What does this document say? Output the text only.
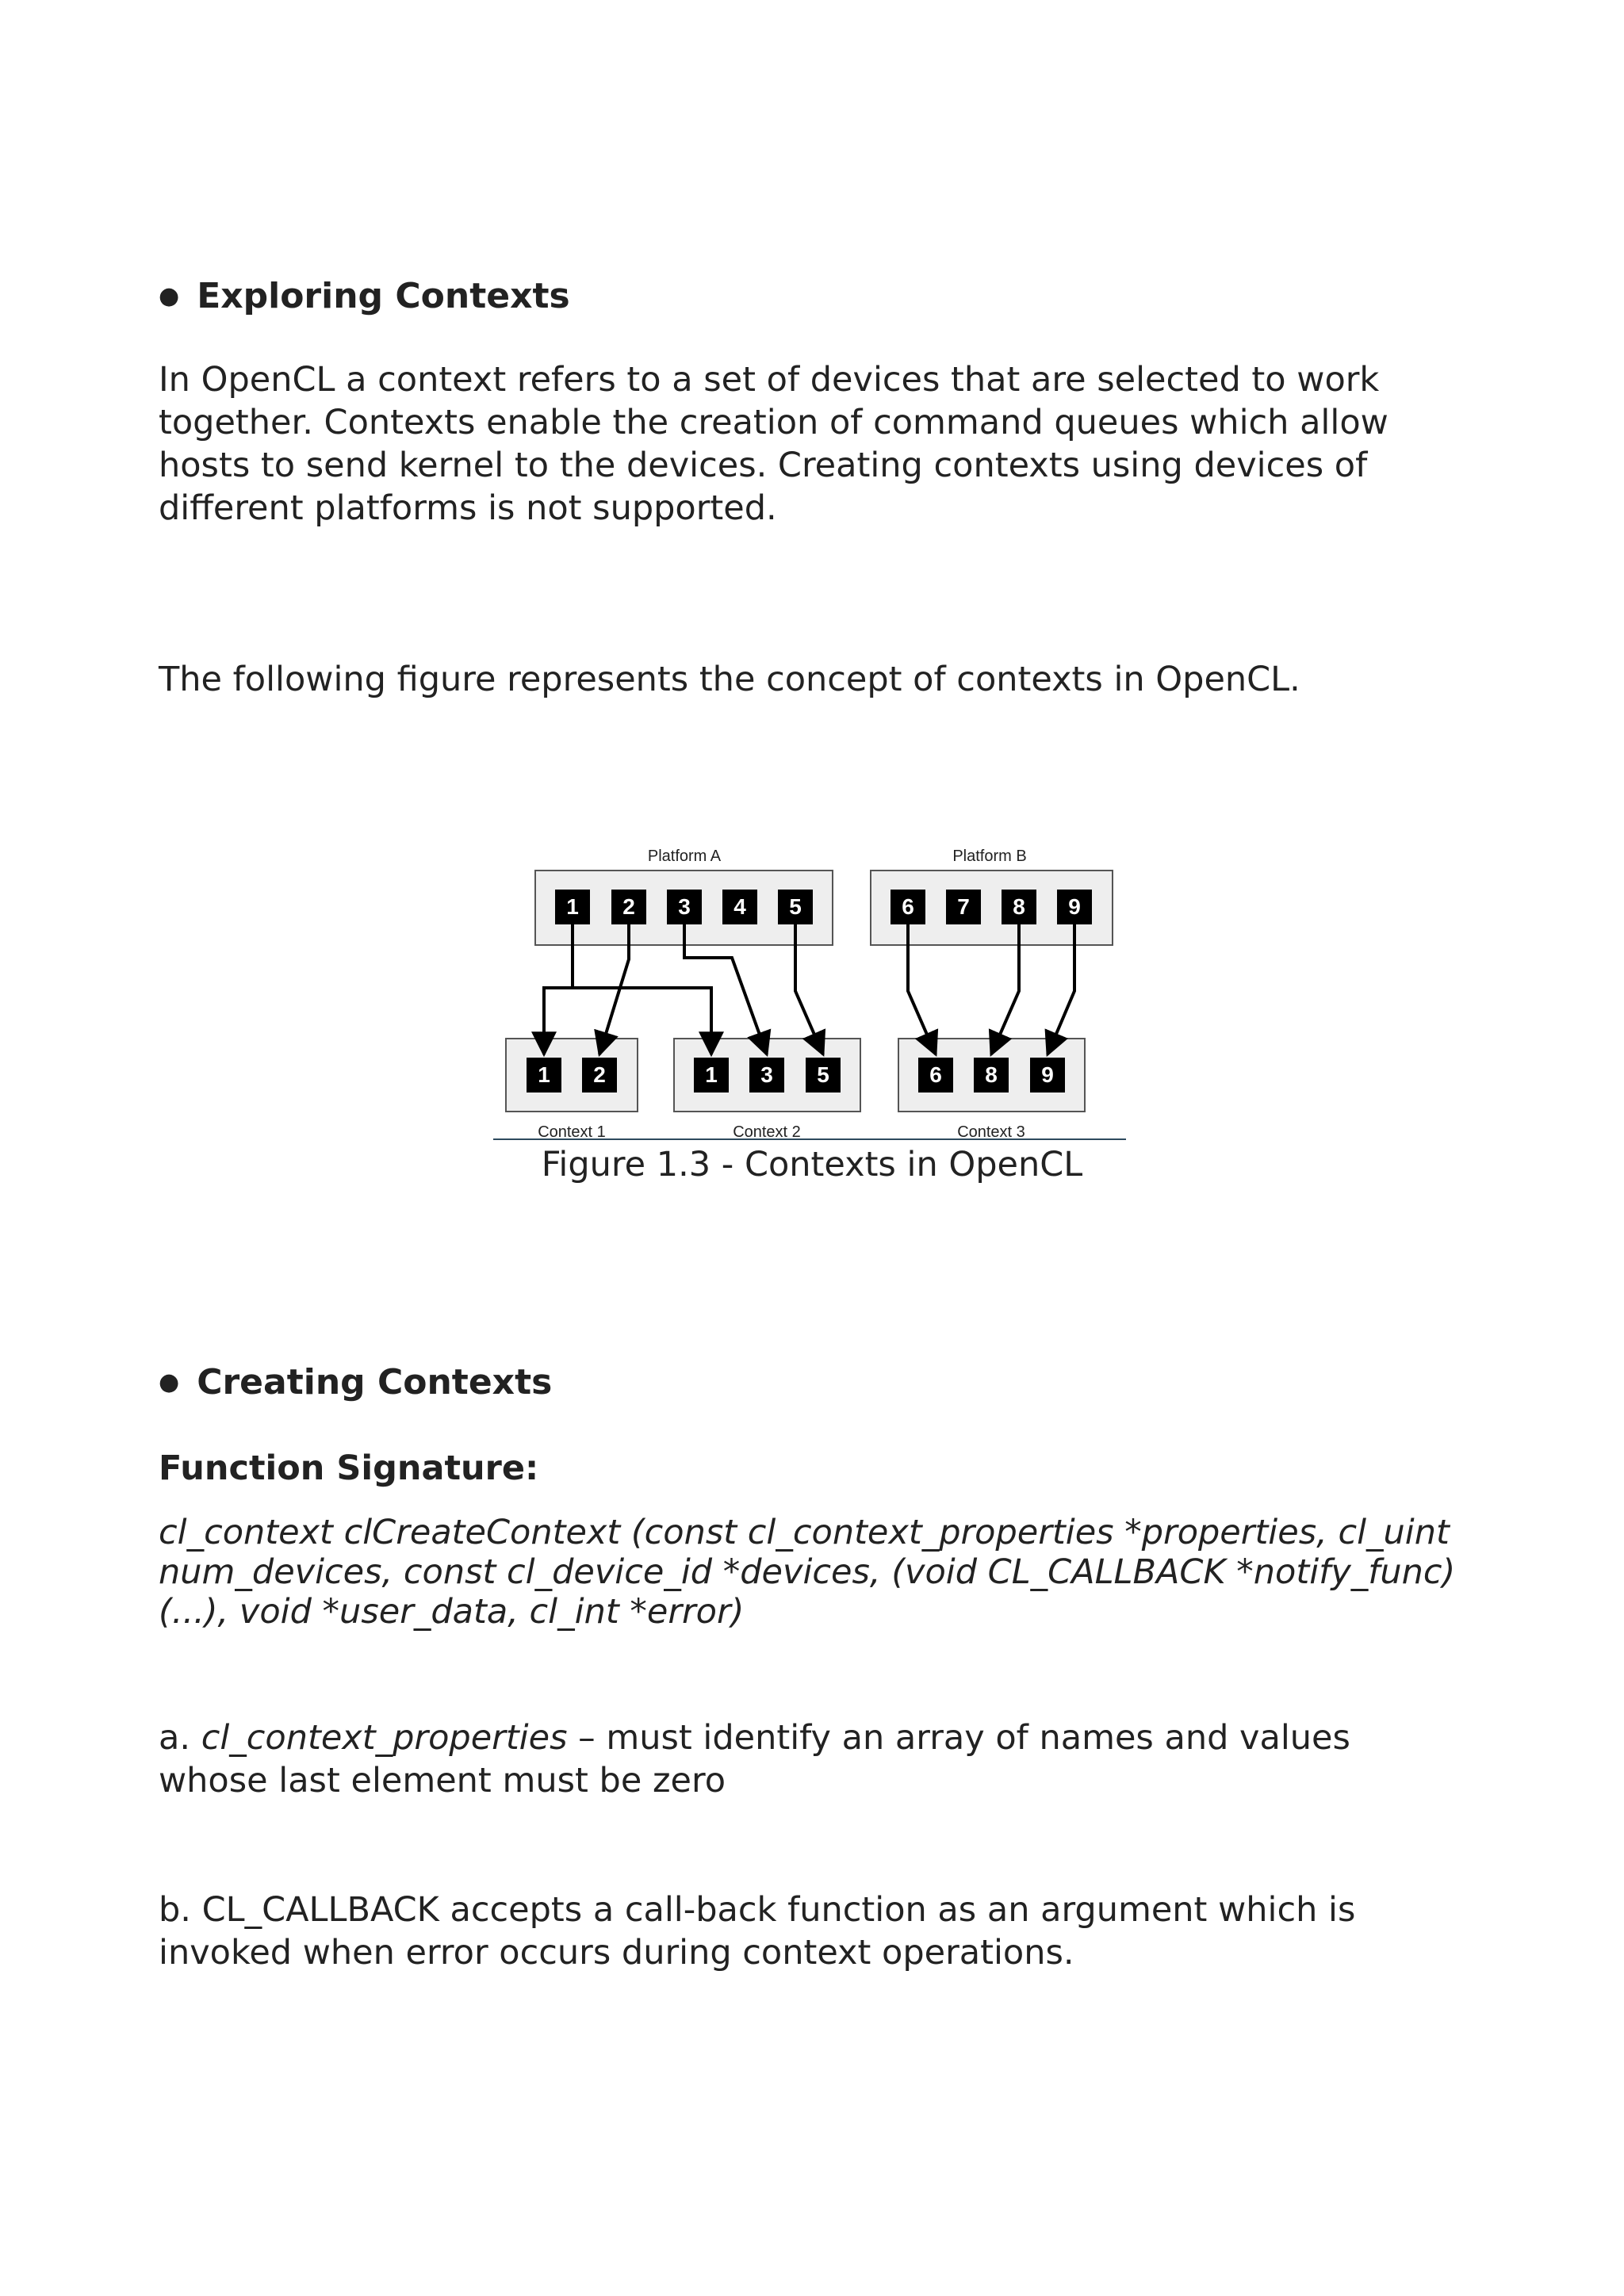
● Exploring Contexts

In OpenCL a context refers to a set of devices that are selected to work together. Contexts enable the creation of command queues which allow hosts to send kernel to the devices. Creating contexts using devices of different platforms is not supported.

The following figure represents the concept of contexts in OpenCL.

Platform A	Platform B
1 2 3 4 5	6 7 8 9
1 2	1 3 5	6 8 9
Context 1	Context 2	Context 3
Figure 1.3 - Contexts in OpenCL
● Creating Contexts

Function Signature:

cl_context clCreateContext (const cl_context_properties *properties, cl_uint num_devices, const cl_device_id *devices, (void CL_CALLBACK *notify_func)(...), void *user_data, cl_int *error)

a. cl_context_properties – must identify an array of names and values whose last element must be zero

b. CL_CALLBACK accepts a call-back function as an argument which is invoked when error occurs during context operations.
